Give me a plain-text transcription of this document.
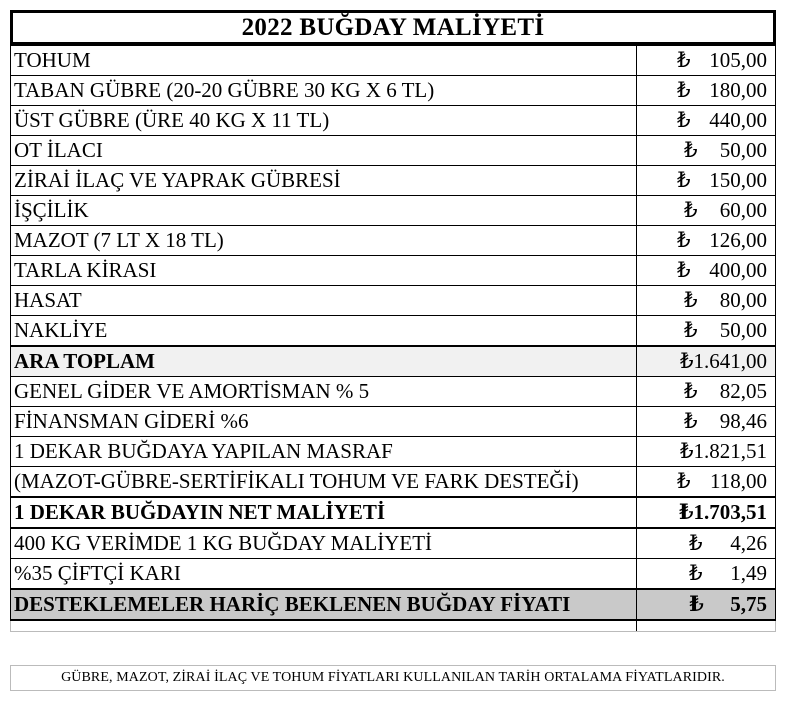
2022 BUĞDAY MALİYETİ
TOHUM	₺ 105,00

TABAN GÜBRE (20-20 GÜBRE 30 KG X 6 TL)	₺ 180,00

ÜST GÜBRE (ÜRE 40 KG X 11 TL)	₺ 440,00

OT İLACI	₺ 50,00

ZİRAİ İLAÇ VE YAPRAK GÜBRESİ	₺ 150,00

İŞÇİLİK	₺ 60,00

MAZOT (7 LT X 18 TL)	₺ 126,00

TARLA KİRASI	₺ 400,00

HASAT	₺ 80,00

NAKLİYE	₺ 50,00

ARA TOPLAM	₺1.641,00
GENEL GİDER VE AMORTİSMAN % 5	₺ 82,05

FİNANSMAN GİDERİ %6	₺ 98,46

1 DEKAR BUĞDAYA YAPILAN MASRAF	₺1.821,51
(MAZOT-GÜBRE-SERTİFİKALI TOHUM VE FARK DESTEĞİ)	₺ 118,00

1 DEKAR BUĞDAYIN NET MALİYETİ	₺1.703,51
400 KG VERİMDE 1 KG BUĞDAY MALİYETİ	₺ 4,26

%35 ÇİFTÇİ KARI	₺ 1,49

DESTEKLEMELER HARİÇ BEKLENEN BUĞDAY FİYATI	₺ 5,75

GÜBRE, MAZOT, ZİRAİ İLAÇ VE TOHUM FİYATLARI KULLANILAN TARİH ORTALAMA FİYATLARIDIR.
